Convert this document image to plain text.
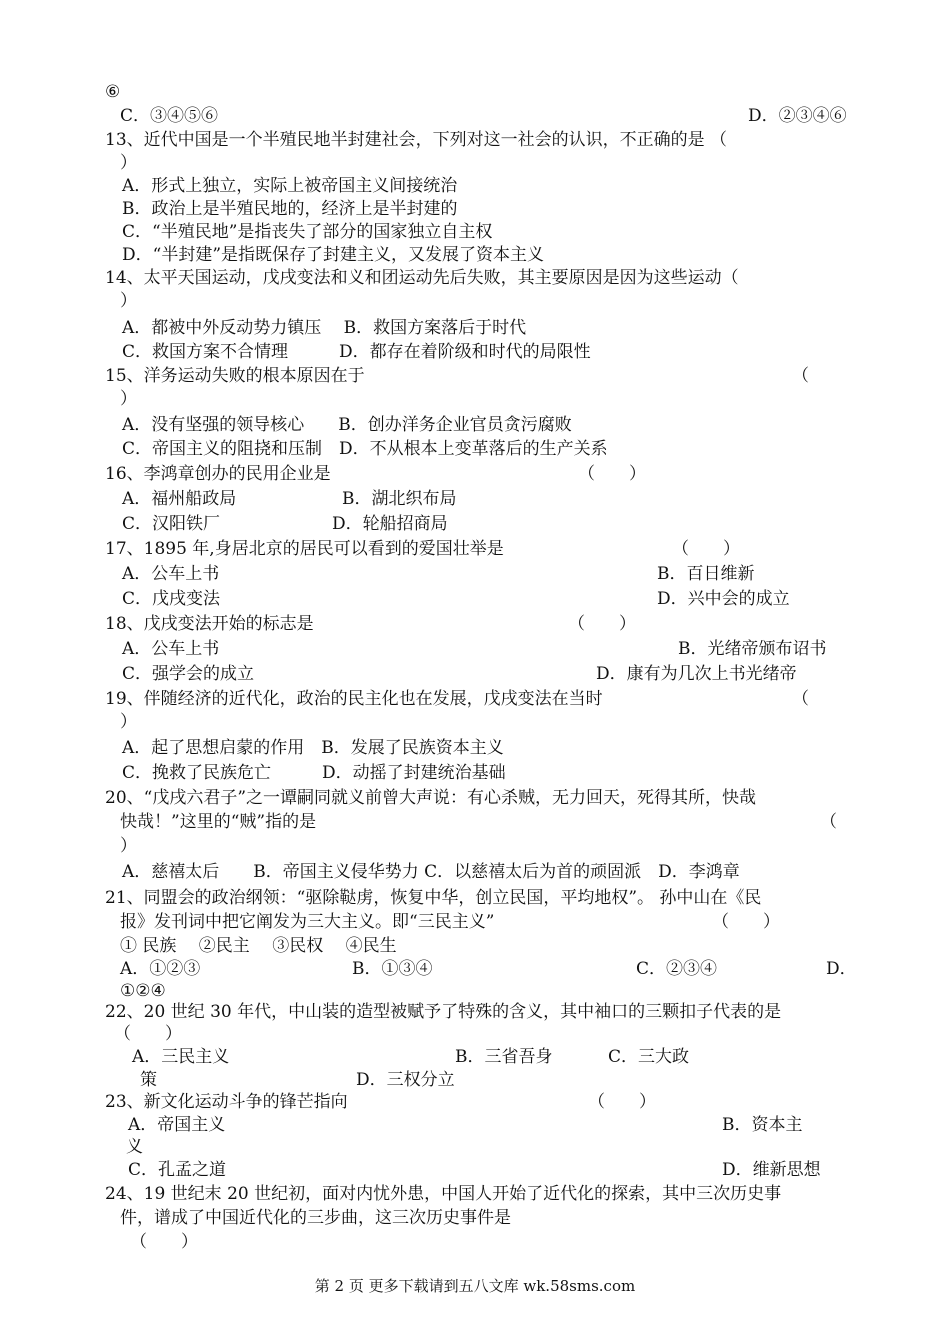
⑥
C．③④⑤⑥	D．②③④⑥
13、近代中国是一个半殖民地半封建社会，下列对这一社会的认识，不正确的是 （
）
A．形式上独立，实际上被帝国主义间接统治
B．政治上是半殖民地的，经济上是半封建的
C．“半殖民地”是指丧失了部分的国家独立自主权
D．“半封建”是指既保存了封建主义，又发展了资本主义
14、太平天国运动，戊戌变法和义和团运动先后失败，其主要原因是因为这些运动（
）
A．都被中外反动势力镇压　 B．救国方案落后于时代
C．救国方案不合情理　　　D．都存在着阶级和时代的局限性
15、洋务运动失败的根本原因在于	（
）
A．没有坚强的领导核心　　B．创办洋务企业官员贪污腐败
C．帝国主义的阻挠和压制　D．不从根本上变革落后的生产关系
16、李鸿章创办的民用企业是	（　　）
A．福州船政局	B．湖北织布局
C．汉阳铁厂	D．轮船招商局
17、1895 年,身居北京的居民可以看到的爱国壮举是	（　　）
A．公车上书	B．百日维新
C．戊戌变法	D．兴中会的成立
18、戊戌变法开始的标志是	（　　）
A．公车上书	B．光绪帝颁布诏书
C．强学会的成立	D．康有为几次上书光绪帝
19、伴随经济的近代化，政治的民主化也在发展，戊戌变法在当时	（
）
A．起了思想启蒙的作用　B．发展了民族资本主义
C．挽救了民族危亡　　　D．动摇了封建统治基础
20、“戊戌六君子”之一谭嗣同就义前曾大声说：有心杀贼，无力回天，死得其所，快哉
快哉！”这里的“贼”指的是	（
）
A．慈禧太后　　B．帝国主义侵华势力 C．以慈禧太后为首的顽固派　D．李鸿章
21、同盟会的政治纲领：“驱除鞑虏，恢复中华，创立民国，平均地权”。 孙中山在《民
报》发刊词中把它阐发为三大主义。即“三民主义”	（　　）
① 民族　 ②民主　 ③民权　 ④民生
A．①②③	B．①③④	C．②③④	D．
①②④
22、20 世纪 30 年代，中山装的造型被赋予了特殊的含义，其中袖口的三颗扣子代表的是
（　　）
A．三民主义	B．三省吾身	C．三大政
策	D．三权分立
23、新文化运动斗争的锋芒指向	（　　）
A．帝国主义	B．资本主
义
C．孔孟之道	D．维新思想
24、19 世纪末 20 世纪初，面对内忧外患，中国人开始了近代化的探索，其中三次历史事
件，谱成了中国近代化的三步曲，这三次历史事件是
（　　）
第 2 页 更多下载请到五八文库 wk.58sms.com
